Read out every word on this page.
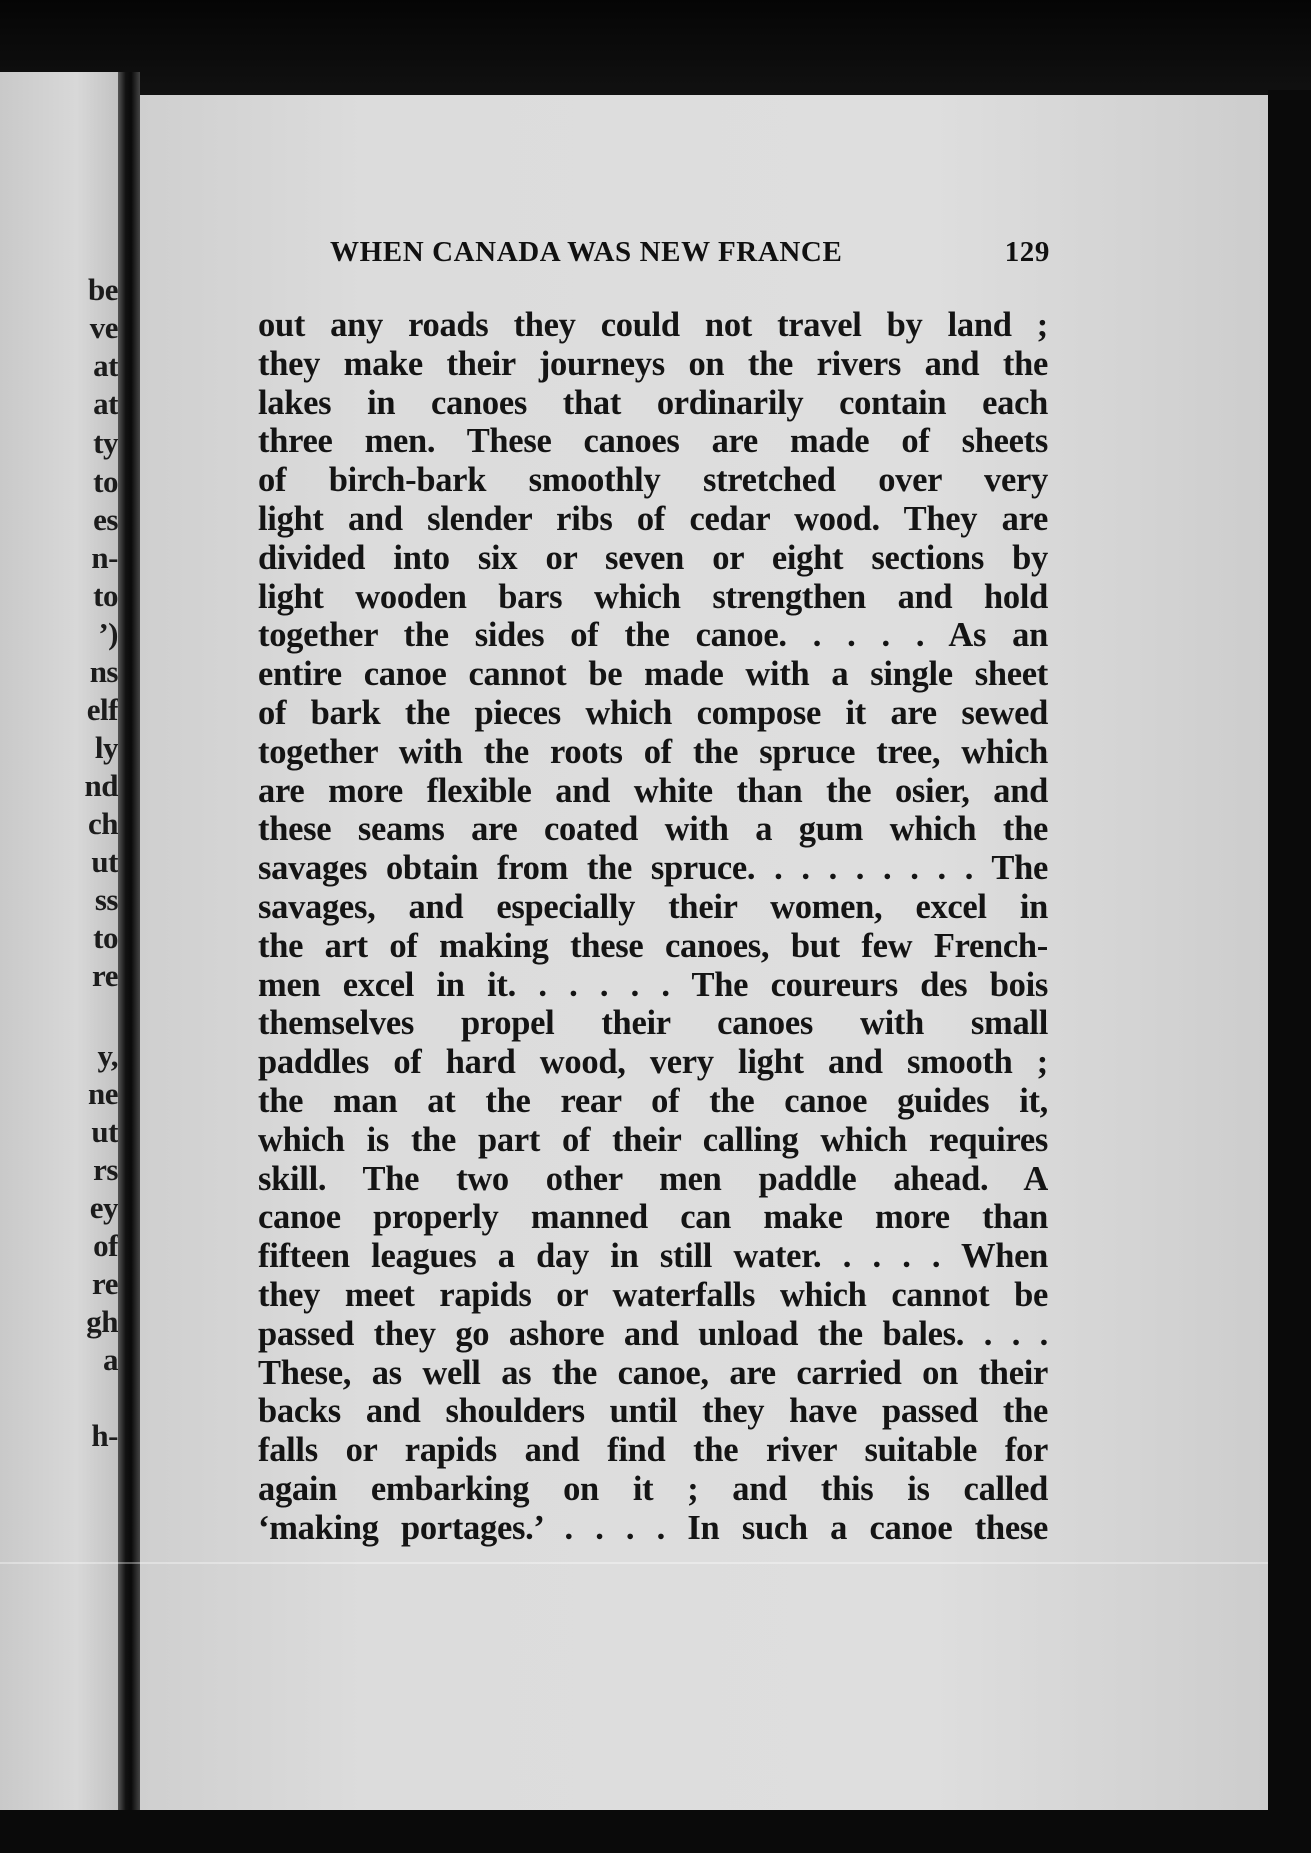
be
ve
at
at
ty
to
es
n-
to
’)
ns
elf
ly
nd
ch
ut
ss
to
re
y,
ne
ut
rs
ey
of
re
gh
a
h-
WHEN CANADA WAS NEW FRANCE	129
out any roads they could not travel by land ;
they make their journeys on the rivers and the
lakes in canoes that ordinarily contain each
three men. These canoes are made of sheets
of birch-bark smoothly stretched over very
light and slender ribs of cedar wood. They are
divided into six or seven or eight sections by
light wooden bars which strengthen and hold
together the sides of the canoe. . . . . As an
entire canoe cannot be made with a single sheet
of bark the pieces which compose it are sewed
together with the roots of the spruce tree, which
are more flexible and white than the osier, and
these seams are coated with a gum which the
savages obtain from the spruce. . . . . . . . . The
savages, and especially their women, excel in
the art of making these canoes, but few French-
men excel in it. . . . . . The coureurs des bois
themselves propel their canoes with small
paddles of hard wood, very light and smooth ;
the man at the rear of the canoe guides it,
which is the part of their calling which requires
skill. The two other men paddle ahead. A
canoe properly manned can make more than
fifteen leagues a day in still water. . . . . When
they meet rapids or waterfalls which cannot be
passed they go ashore and unload the bales. . . .
These, as well as the canoe, are carried on their
backs and shoulders until they have passed the
falls or rapids and find the river suitable for
again embarking on it ; and this is called
‘making portages.’ . . . . In such a canoe these
